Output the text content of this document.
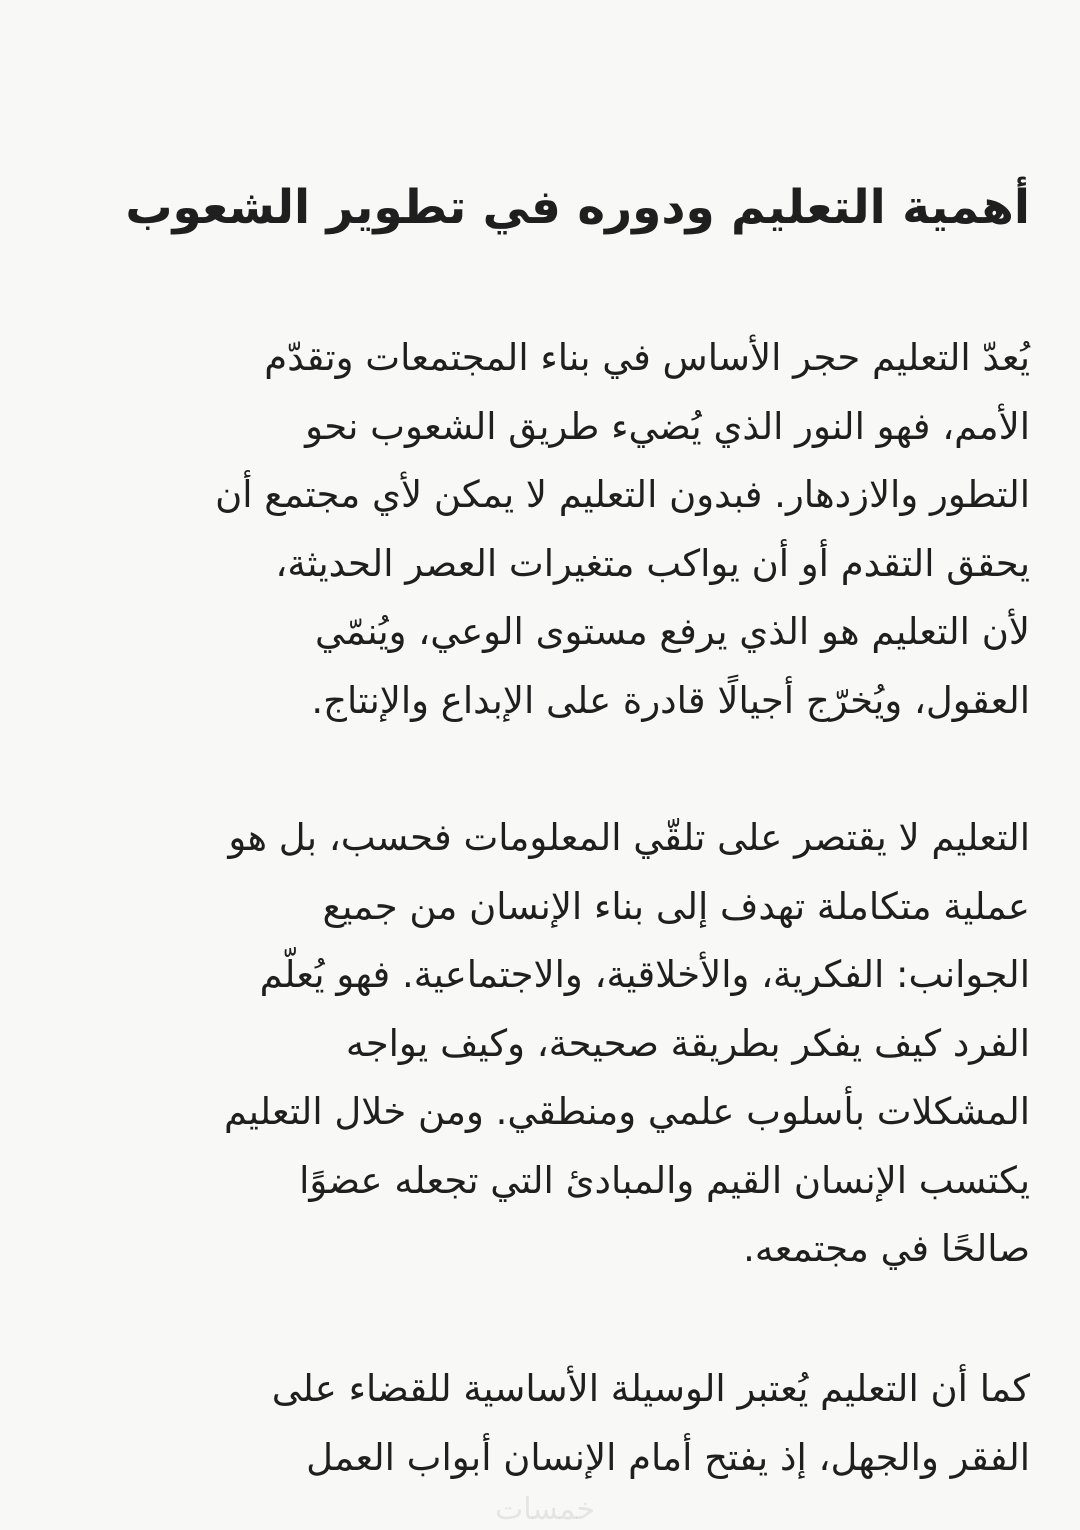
أهمية التعليم ودوره في تطوير الشعوب

يُعدّ التعليم حجر الأساس في بناء المجتمعات وتقدّم
الأمم، فهو النور الذي يُضيء طريق الشعوب نحو
التطور والازدهار. فبدون التعليم لا يمكن لأي مجتمع أن
يحقق التقدم أو أن يواكب متغيرات العصر الحديثة،
لأن التعليم هو الذي يرفع مستوى الوعي، ويُنمّي
العقول، ويُخرّج أجيالًا قادرة على الإبداع والإنتاج.

التعليم لا يقتصر على تلقّي المعلومات فحسب، بل هو
عملية متكاملة تهدف إلى بناء الإنسان من جميع
الجوانب: الفكرية، والأخلاقية، والاجتماعية. فهو يُعلّم
الفرد كيف يفكر بطريقة صحيحة، وكيف يواجه
المشكلات بأسلوب علمي ومنطقي. ومن خلال التعليم
يكتسب الإنسان القيم والمبادئ التي تجعله عضوًا
صالحًا في مجتمعه.

كما أن التعليم يُعتبر الوسيلة الأساسية للقضاء على
الفقر والجهل، إذ يفتح أمام الإنسان أبواب العمل

خمسات
